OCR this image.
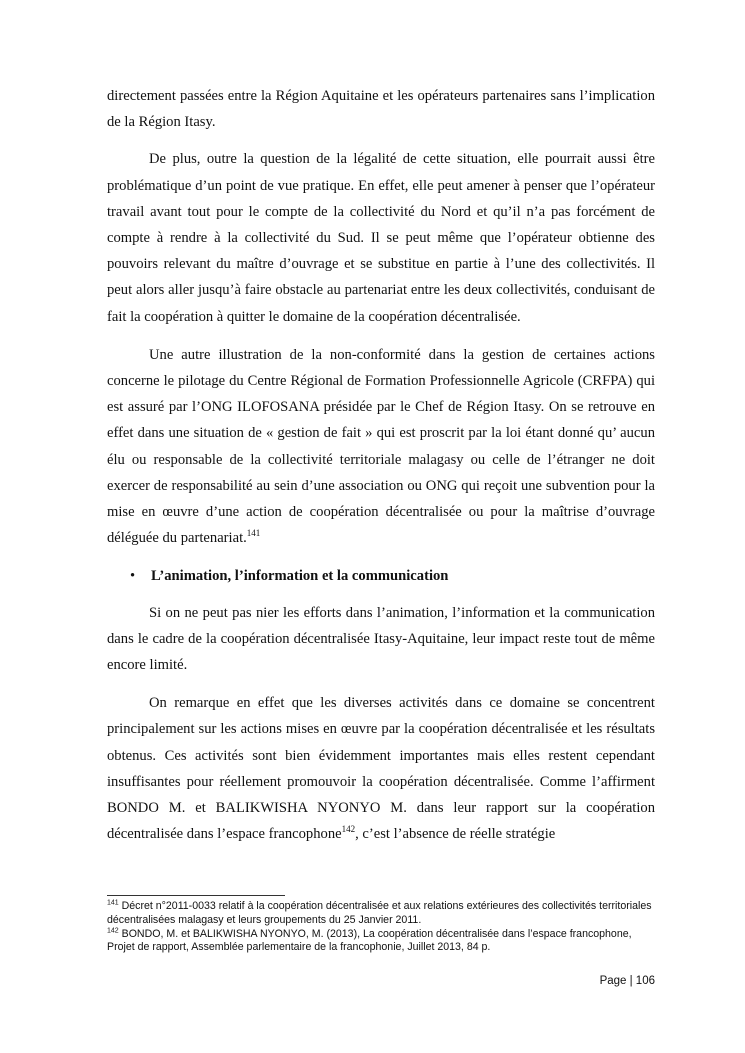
directement passées entre la Région Aquitaine et les opérateurs partenaires sans l’implication de la Région Itasy.

De plus, outre la question de la légalité de cette situation, elle pourrait aussi être problématique d’un point de vue pratique. En effet, elle peut amener à penser que l’opérateur travail avant tout pour le compte de la collectivité du Nord et qu’il n’a pas forcément de compte à rendre à la collectivité du Sud. Il se peut même que l’opérateur obtienne des pouvoirs relevant du maître d’ouvrage et se substitue en partie à l’une des collectivités. Il peut alors aller jusqu’à faire obstacle au partenariat entre les deux collectivités, conduisant de fait la coopération à quitter le domaine de la coopération décentralisée.

Une autre illustration de la non-conformité dans la gestion de certaines actions concerne le pilotage du Centre Régional de Formation Professionnelle Agricole (CRFPA) qui est assuré par l’ONG ILOFOSANA présidée par le Chef de Région Itasy. On se retrouve en effet dans une situation de « gestion de fait » qui est proscrit par la loi étant donné qu’ aucun élu ou responsable de la collectivité territoriale malagasy ou celle de l’étranger ne doit exercer de responsabilité au sein d’une association ou ONG qui reçoit une subvention pour la mise en œuvre d’une action de coopération décentralisée ou pour la maîtrise d’ouvrage déléguée du partenariat.$^{141}$

• L’animation, l’information et la communication

Si on ne peut pas nier les efforts dans l’animation, l’information et la communication dans le cadre de la coopération décentralisée Itasy-Aquitaine, leur impact reste tout de même encore limité.

On remarque en effet que les diverses activités dans ce domaine se concentrent principalement sur les actions mises en œuvre par la coopération décentralisée et les résultats obtenus. Ces activités sont bien évidemment importantes mais elles restent cependant insuffisantes pour réellement promouvoir la coopération décentralisée. Comme l’affirment BONDO M. et BALIKWISHA NYONYO M. dans leur rapport sur la coopération décentralisée dans l’espace francophone$^{142}$, c’est l’absence de réelle stratégie

$^{141}$ Décret n°2011-0033 relatif à la coopération décentralisée et aux relations extérieures des collectivités territoriales décentralisées malagasy et leurs groupements du 25 Janvier 2011.

$^{142}$ BONDO, M. et BALIKWISHA NYONYO, M. (2013), La coopération décentralisée dans l’espace francophone, Projet de rapport, Assemblée parlementaire de la francophonie, Juillet 2013, 84 p.

Page | 106
